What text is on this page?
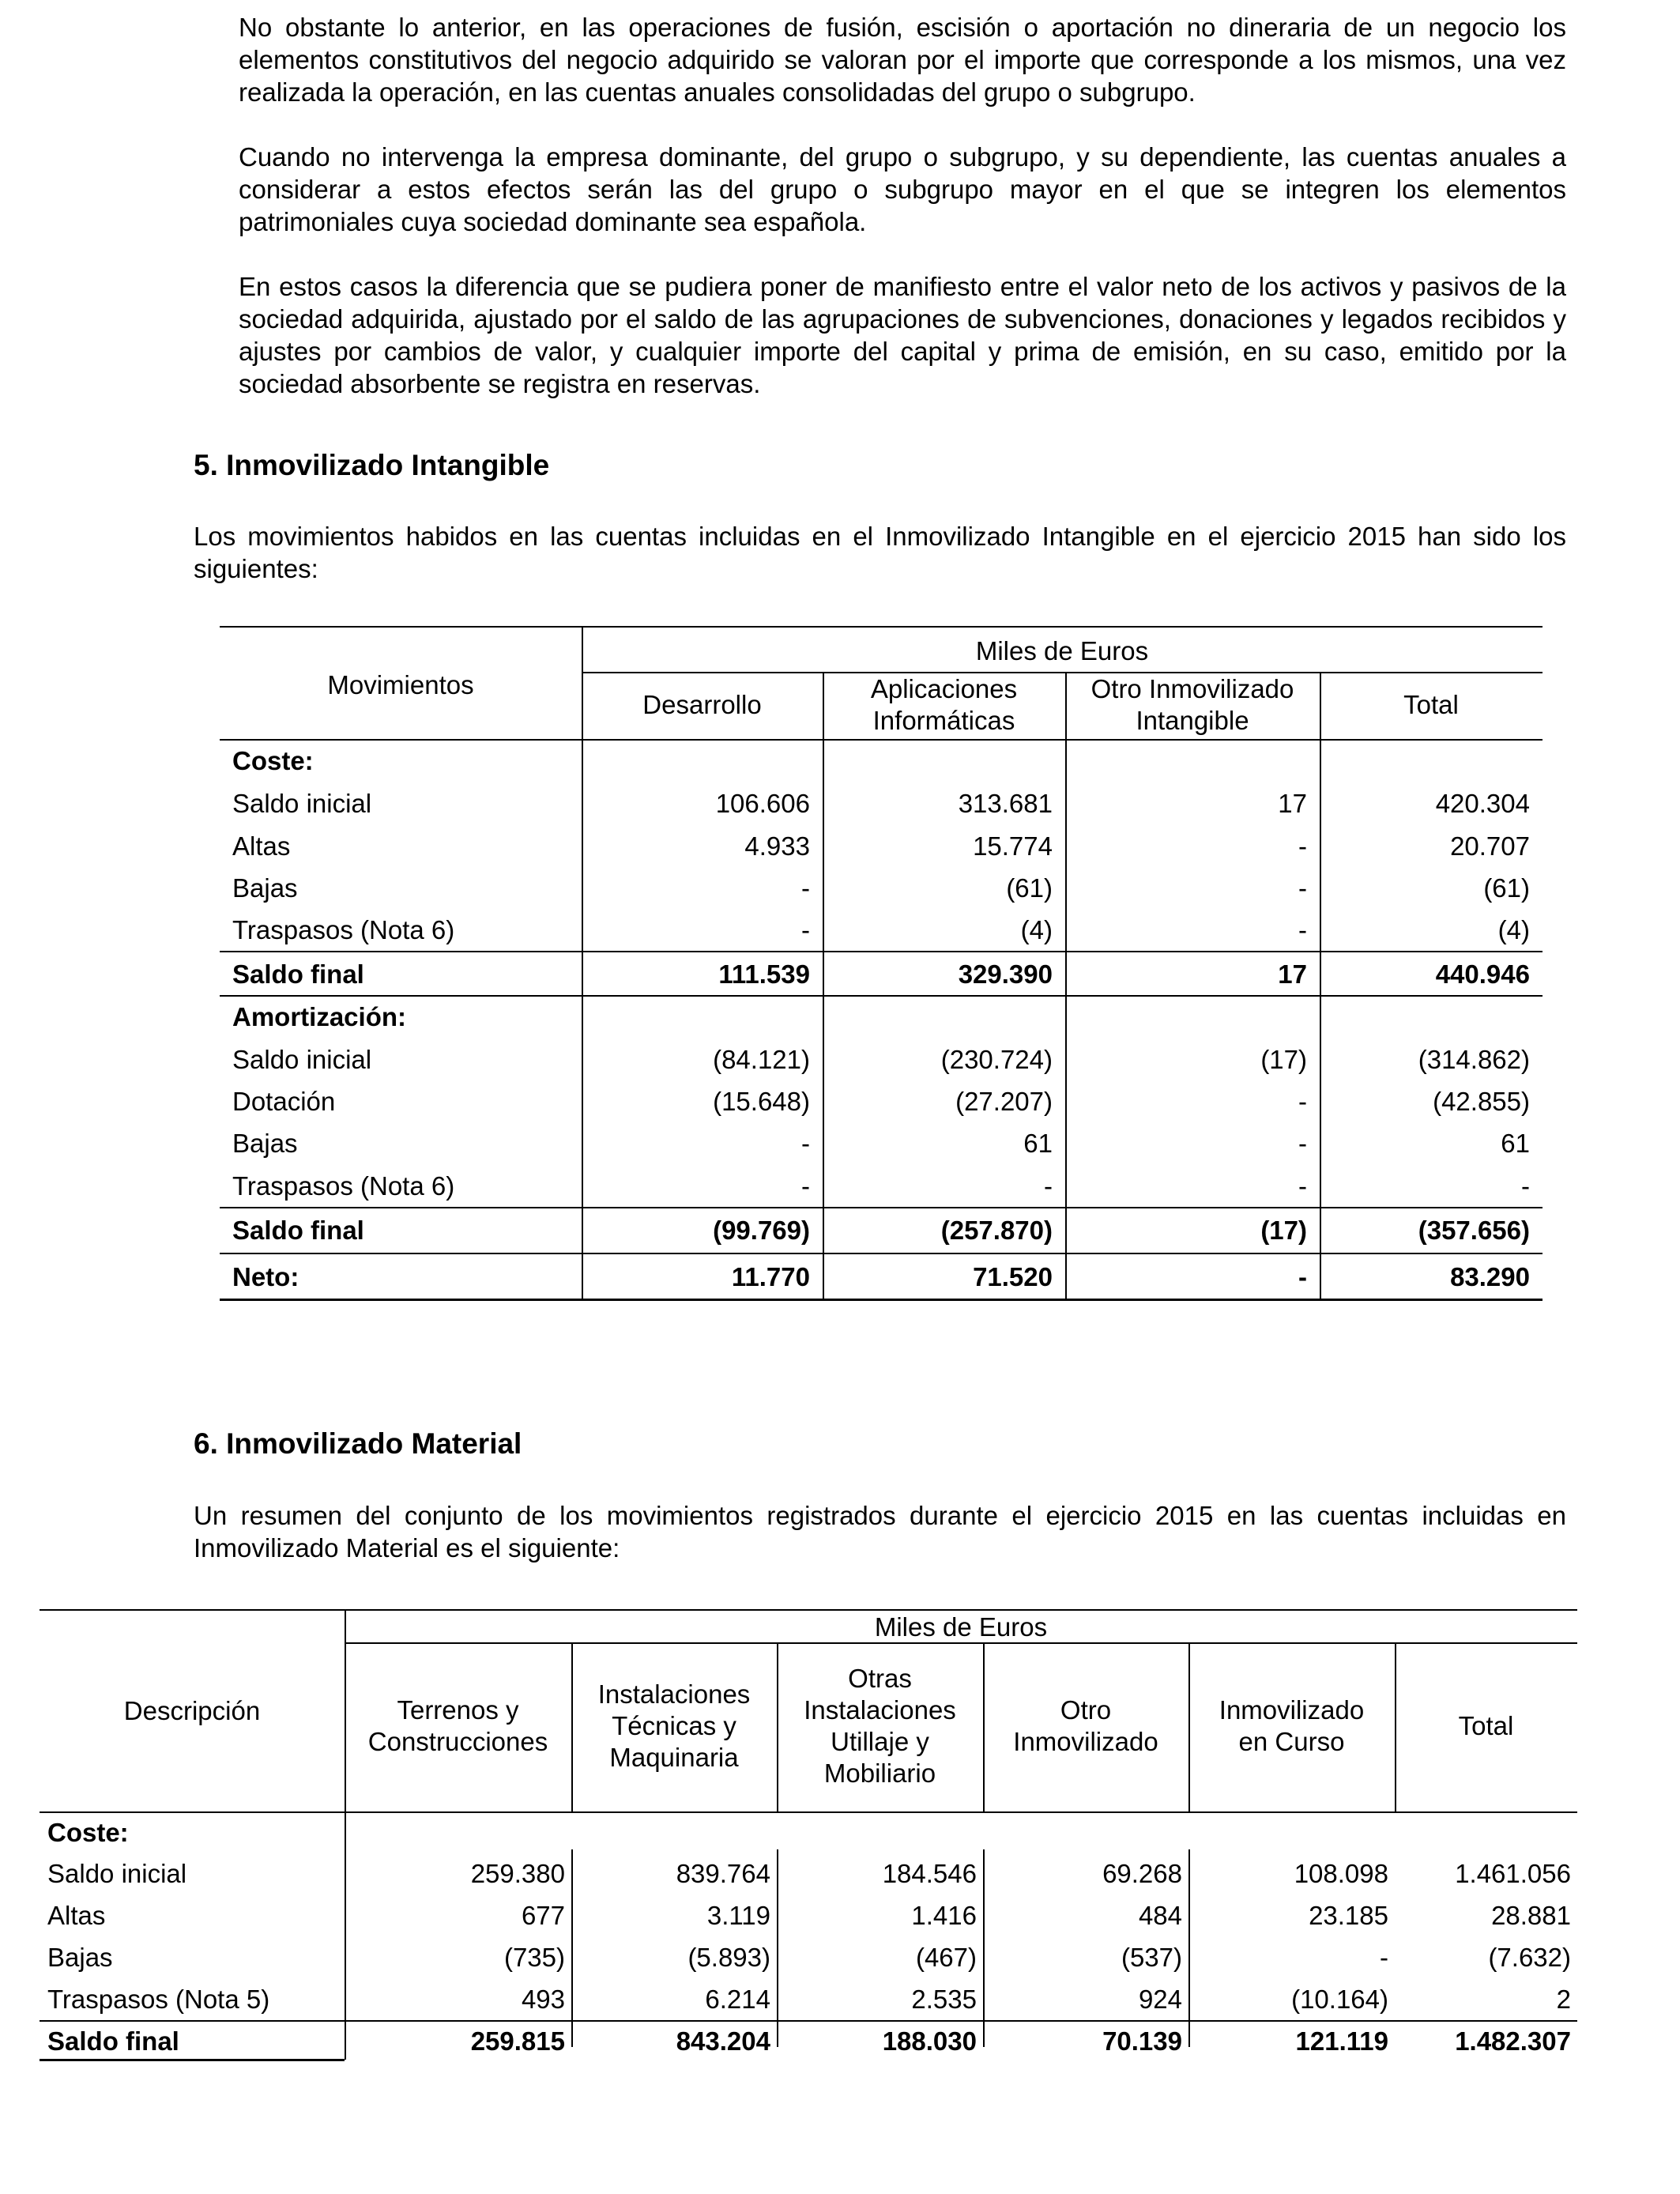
No obstante lo anterior, en las operaciones de fusión, escisión o aportación no dineraria de un negocio los elementos constitutivos del negocio adquirido se valoran por el importe que corresponde a los mismos, una vez realizada la operación, en las cuentas anuales consolidadas del grupo o subgrupo.

Cuando no intervenga la empresa dominante, del grupo o subgrupo, y su dependiente, las cuentas anuales a considerar a estos efectos serán las del grupo o subgrupo mayor en el que se integren los elementos patrimoniales cuya sociedad dominante sea española.

En estos casos la diferencia que se pudiera poner de manifiesto entre el valor neto de los activos y pasivos de la sociedad adquirida, ajustado por el saldo de las agrupaciones de subvenciones, donaciones y legados recibidos y ajustes por cambios de valor, y cualquier importe del capital y prima de emisión, en su caso, emitido por la sociedad absorbente se registra en reservas.

5. Inmovilizado Intangible

Los movimientos habidos en las cuentas incluidas en el Inmovilizado Intangible en el ejercicio 2015 han sido los siguientes:

Movimientos
Miles de Euros
Desarrollo
Aplicaciones
Informáticas
Otro Inmovilizado
Intangible
Total
Coste:
Saldo inicial	106.606	313.681	17	420.304
Altas	4.933	15.774	-	20.707
Bajas	-	(61)	-	(61)
Traspasos (Nota 6)	-	(4)	-	(4)
Saldo final	111.539	329.390	17	440.946
Amortización:
Saldo inicial	(84.121)	(230.724)	(17)	(314.862)
Dotación	(15.648)	(27.207)	-	(42.855)
Bajas	-	61	-	61
Traspasos (Nota 6)	-	-	-	-
Saldo final	(99.769)	(257.870)	(17)	(357.656)
Neto:	11.770	71.520	-	83.290
6. Inmovilizado Material

Un resumen del conjunto de los movimientos registrados durante el ejercicio 2015 en las cuentas incluidas en Inmovilizado Material es el siguiente:

Descripción
Miles de Euros
Terrenos y
Construcciones
Instalaciones
Técnicas y
Maquinaria
Otras
Instalaciones
Utillaje y
Mobiliario
Otro
Inmovilizado
Inmovilizado
en Curso
Total
Coste:
Saldo inicial	259.380	839.764	184.546	69.268	108.098	1.461.056
Altas	677	3.119	1.416	484	23.185	28.881
Bajas	(735)	(5.893)	(467)	(537)	-	(7.632)
Traspasos (Nota 5)	493	6.214	2.535	924	(10.164)	2
Saldo final	259.815	843.204	188.030	70.139	121.119	1.482.307
